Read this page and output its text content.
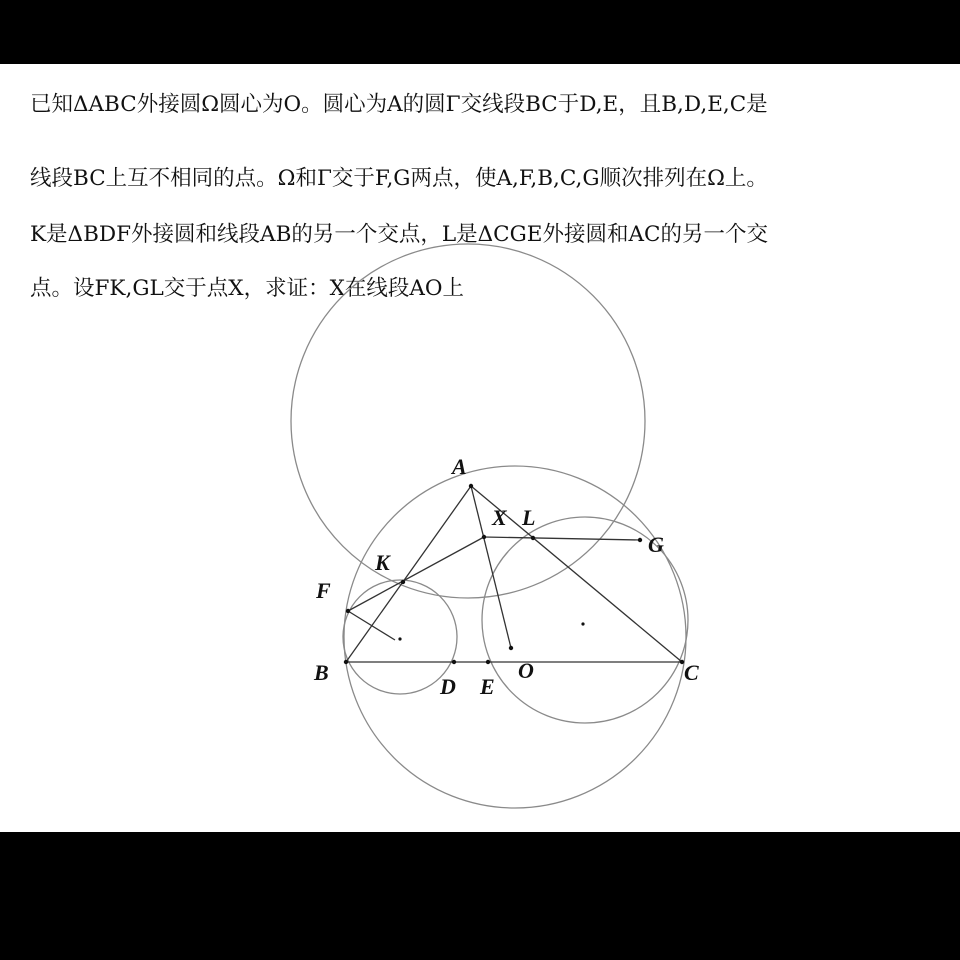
已知ΔABC外接圆Ω圆心为O。圆心为A的圆Γ交线段BC于D,E，且B,D,E,C是
线段BC上互不相同的点。Ω和Γ交于F,G两点，使A,F,B,C,G顺次排列在Ω上。
K是ΔBDF外接圆和线段AB的另一个交点，L是ΔCGE外接圆和AC的另一个交
点。设FK,GL交于点X，求证：X在线段AO上
A
X L
G
K
F
B
D E
O	C
